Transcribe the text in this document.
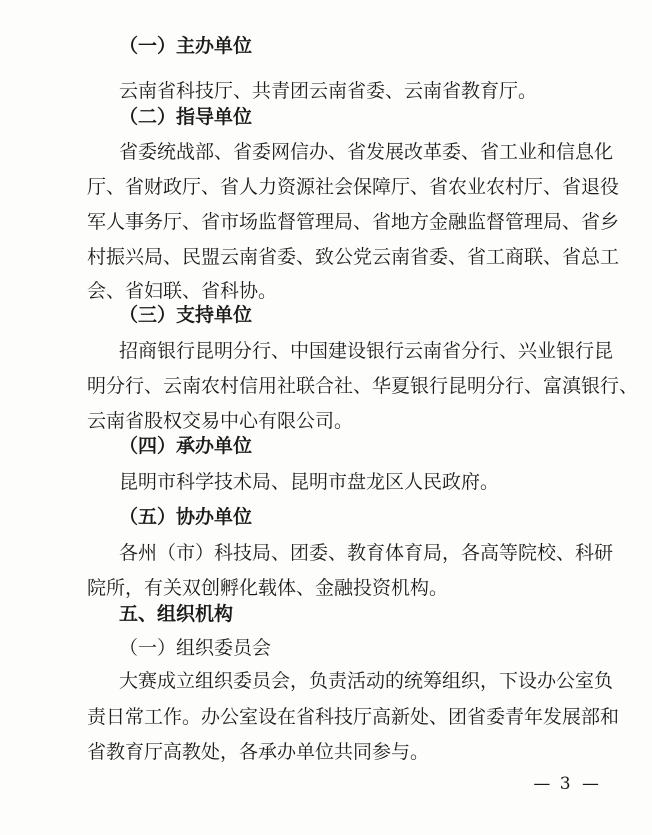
（一）主办单位
云南省科技厅、共青团云南省委、云南省教育厅。
（二）指导单位
省委统战部、省委网信办、省发展改革委、省工业和信息化
厅、省财政厅、省人力资源社会保障厅、省农业农村厅、省退役
军人事务厅、省市场监督管理局、省地方金融监督管理局、省乡
村振兴局、民盟云南省委、致公党云南省委、省工商联、省总工
会、省妇联、省科协。
（三）支持单位
招商银行昆明分行、中国建设银行云南省分行、兴业银行昆
明分行、云南农村信用社联合社、华夏银行昆明分行、富滇银行、
云南省股权交易中心有限公司。
（四）承办单位
昆明市科学技术局、昆明市盘龙区人民政府。
（五）协办单位
各州（市）科技局、团委、教育体育局，各高等院校、科研
院所，有关双创孵化载体、金融投资机构。
五、组织机构
（一）组织委员会
大赛成立组织委员会，负责活动的统筹组织，下设办公室负
责日常工作。办公室设在省科技厅高新处、团省委青年发展部和
省教育厅高教处，各承办单位共同参与。
— 3 —
